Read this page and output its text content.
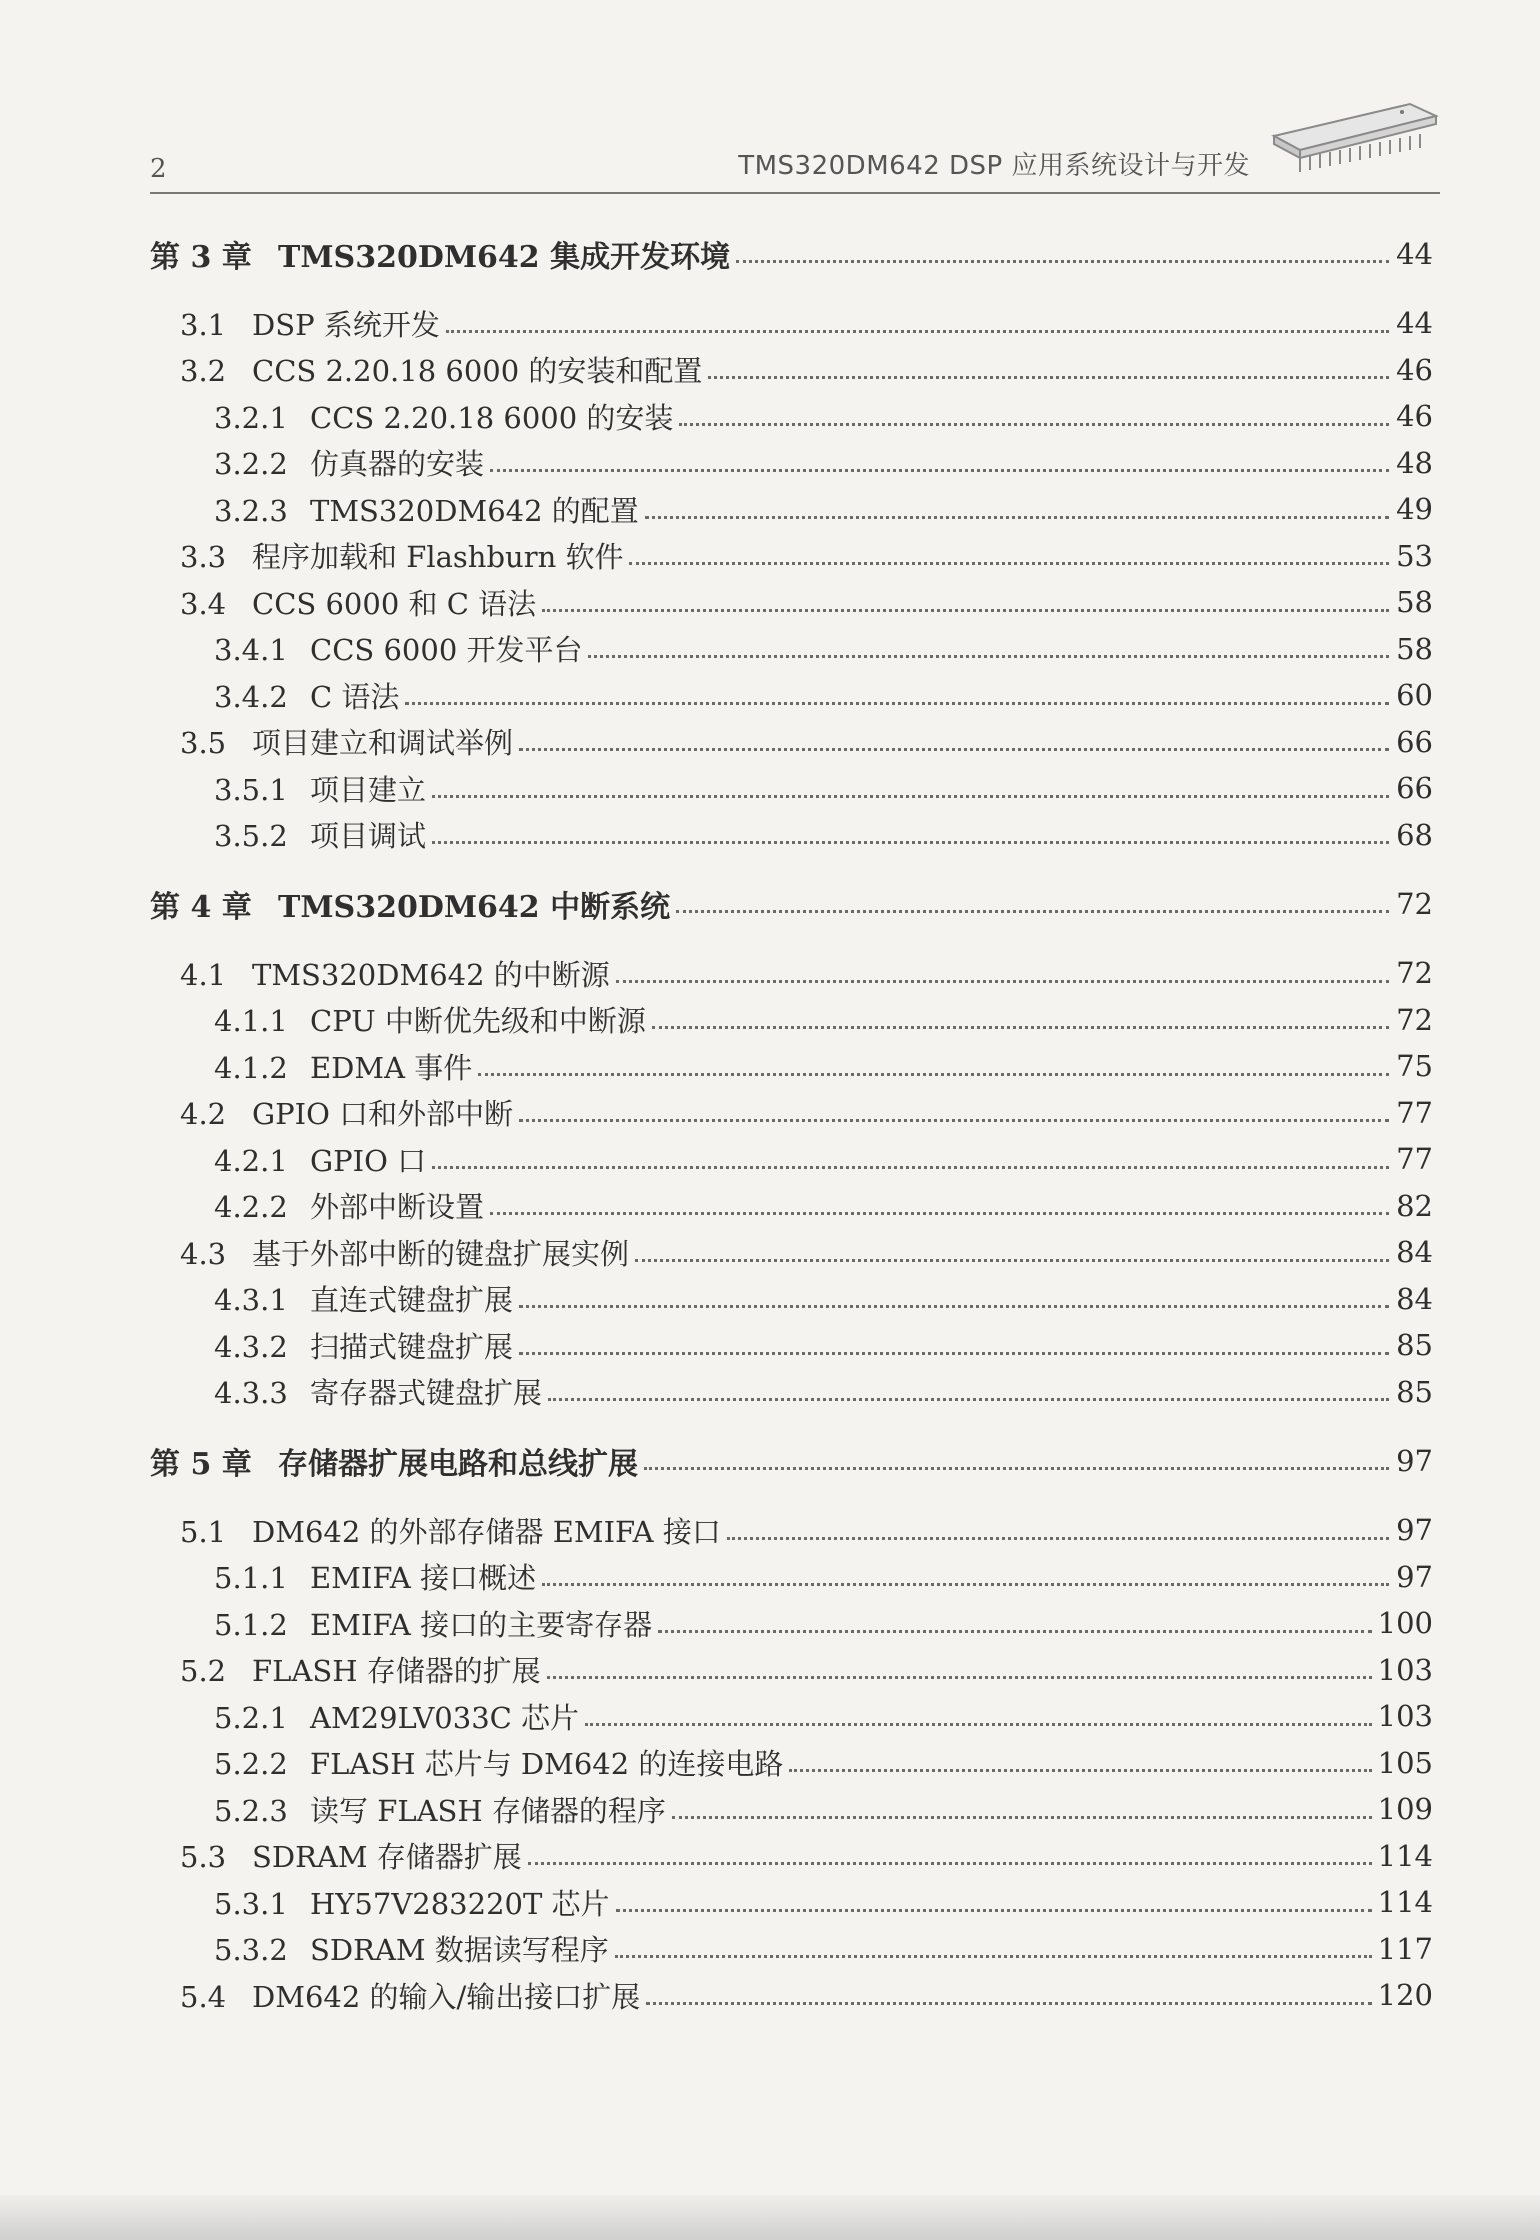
2	TMS320DM642 DSP 应用系统设计与开发
第 3 章 TMS320DM642 集成开发环境	44
3.1 DSP 系统开发	44
3.2 CCS 2.20.18 6000 的安装和配置	46
3.2.1 CCS 2.20.18 6000 的安装	46
3.2.2 仿真器的安装	48
3.2.3 TMS320DM642 的配置	49
3.3 程序加载和 Flashburn 软件	53
3.4 CCS 6000 和 C 语法	58
3.4.1 CCS 6000 开发平台	58
3.4.2 C 语法	60
3.5 项目建立和调试举例	66
3.5.1 项目建立	66
3.5.2 项目调试	68
第 4 章 TMS320DM642 中断系统	72
4.1 TMS320DM642 的中断源	72
4.1.1 CPU 中断优先级和中断源	72
4.1.2 EDMA 事件	75
4.2 GPIO 口和外部中断	77
4.2.1 GPIO 口	77
4.2.2 外部中断设置	82
4.3 基于外部中断的键盘扩展实例	84
4.3.1 直连式键盘扩展	84
4.3.2 扫描式键盘扩展	85
4.3.3 寄存器式键盘扩展	85
第 5 章 存储器扩展电路和总线扩展	97
5.1 DM642 的外部存储器 EMIFA 接口	97
5.1.1 EMIFA 接口概述	97
5.1.2 EMIFA 接口的主要寄存器	100
5.2 FLASH 存储器的扩展	103
5.2.1 AM29LV033C 芯片	103
5.2.2 FLASH 芯片与 DM642 的连接电路	105
5.2.3 读写 FLASH 存储器的程序	109
5.3 SDRAM 存储器扩展	114
5.3.1 HY57V283220T 芯片	114
5.3.2 SDRAM 数据读写程序	117
5.4 DM642 的输入/输出接口扩展	120
